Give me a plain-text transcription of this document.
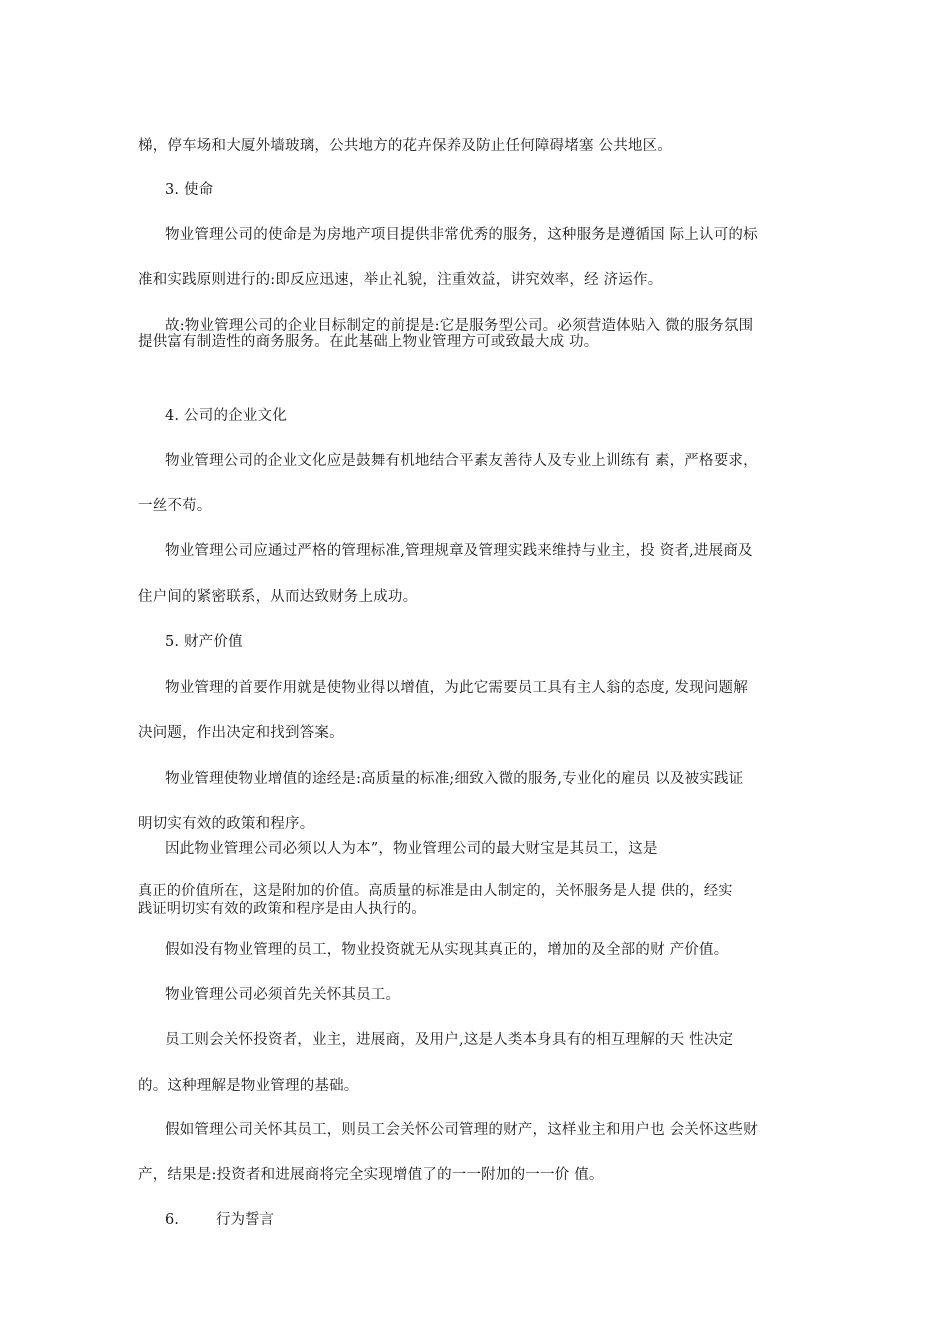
梯，停车场和大厦外墙玻璃，公共地方的花卉保养及防止任何障碍堵塞 公共地区。
3. 使命
物业管理公司的使命是为房地产项目提供非常优秀的服务，这种服务是遵循国 际上认可的标
准和实践原则进行的:即反应迅速，举止礼貌，注重效益，讲究效率，经 济运作。
故:物业管理公司的企业目标制定的前提是:它是服务型公司。必须营造体贴入 微的服务氛围
提供富有制造性的商务服务。在此基础上物业管理方可或致最大成 功。
4. 公司的企业文化
物业管理公司的企业文化应是鼓舞有机地结合平素友善待人及专业上训练有 素，严格要求，
一丝不苟。
物业管理公司应通过严格的管理标准,管理规章及管理实践来维持与业主，投 资者,进展商及
住户间的紧密联系，从而达致财务上成功。
5. 财产价值
物业管理的首要作用就是使物业得以增值，为此它需要员工具有主人翁的态度, 发现问题解
决问题，作出决定和找到答案。
物业管理使物业增值的途经是:高质量的标准;细致入微的服务,专业化的雇员 以及被实践证
明切实有效的政策和程序。
因此物业管理公司必须以人为本”，物业管理公司的最大财宝是其员工，这是
真正的价值所在，这是附加的价值。高质量的标准是由人制定的，关怀服务是人提 供的，经实
践证明切实有效的政策和程序是由人执行的。
假如没有物业管理的员工，物业投资就无从实现其真正的，增加的及全部的财 产价值。
物业管理公司必须首先关怀其员工。
员工则会关怀投资者，业主，进展商，及用户,这是人类本身具有的相互理解的天 性决定
的。这种理解是物业管理的基础。
假如管理公司关怀其员工，则员工会关怀公司管理的财产，这样业主和用户也 会关怀这些财
产，结果是:投资者和进展商将完全实现增值了的一一附加的一一价 值。
6.	行为誓言
